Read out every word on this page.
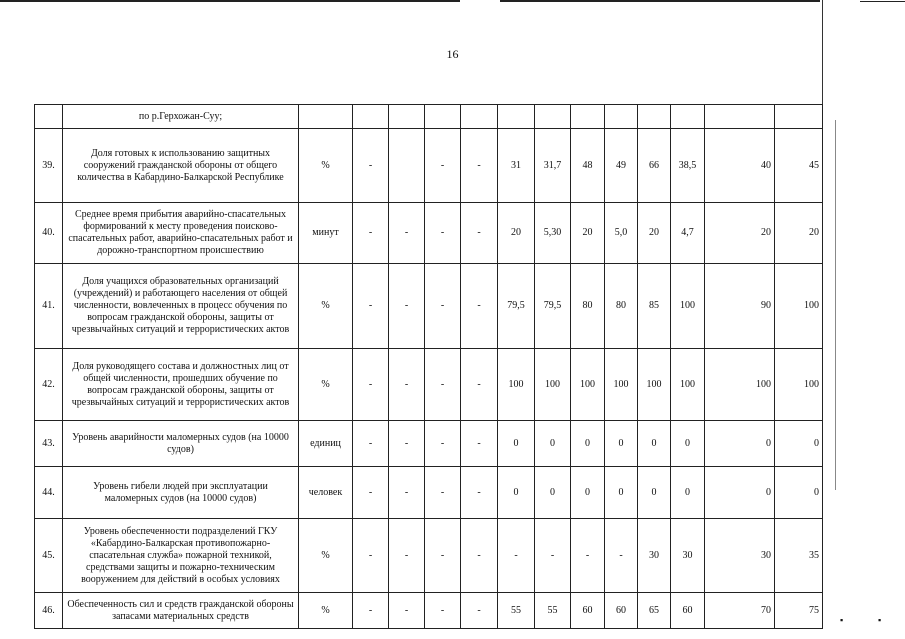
16
	по р.Герхожан-Суу;													
39.	Доля готовых к использованию защитных сооружений гражданской обороны от общего количества в Кабардино-Балкарской Республике	%	-		-	-	31	31,7	48	49	66	38,5	40	45
40.	Среднее время прибытия аварийно-спасательных формирований к месту проведения поисково-спасательных работ, аварийно-спасательных работ и дорожно-транспортном происшествию	минут	-	-	-	-	20	5,30	20	5,0	20	4,7	20	20
41.	Доля учащихся образовательных организаций (учреждений) и работающего населения от общей численности, вовлеченных в процесс обучения по вопросам гражданской обороны, защиты от чрезвычайных ситуаций и террористических актов	%	-	-	-	-	79,5	79,5	80	80	85	100	90	100
42.	Доля руководящего состава и должностных лиц от общей численности, прошедших обучение по вопросам гражданской обороны, защиты от чрезвычайных ситуаций и террористических актов	%	-	-	-	-	100	100	100	100	100	100	100	100
43.	Уровень аварийности маломерных судов (на 10000 судов)	единиц	-	-	-	-	0	0	0	0	0	0	0	0
44.	Уровень гибели людей при эксплуатации маломерных судов (на 10000 судов)	человек	-	-	-	-	0	0	0	0	0	0	0	0
45.	Уровень обеспеченности подразделений ГКУ «Кабардино-Балкарская противопожарно-спасательная служба» пожарной техникой, средствами защиты и пожарно-техническим вооружением для действий в особых условиях	%	-	-	-	-	-	-	-	-	30	30	30	35
46.	Обеспеченность сил и средств гражданской обороны запасами материальных средств	%	-	-	-	-	55	55	60	60	65	60	70	75
▪	▪
